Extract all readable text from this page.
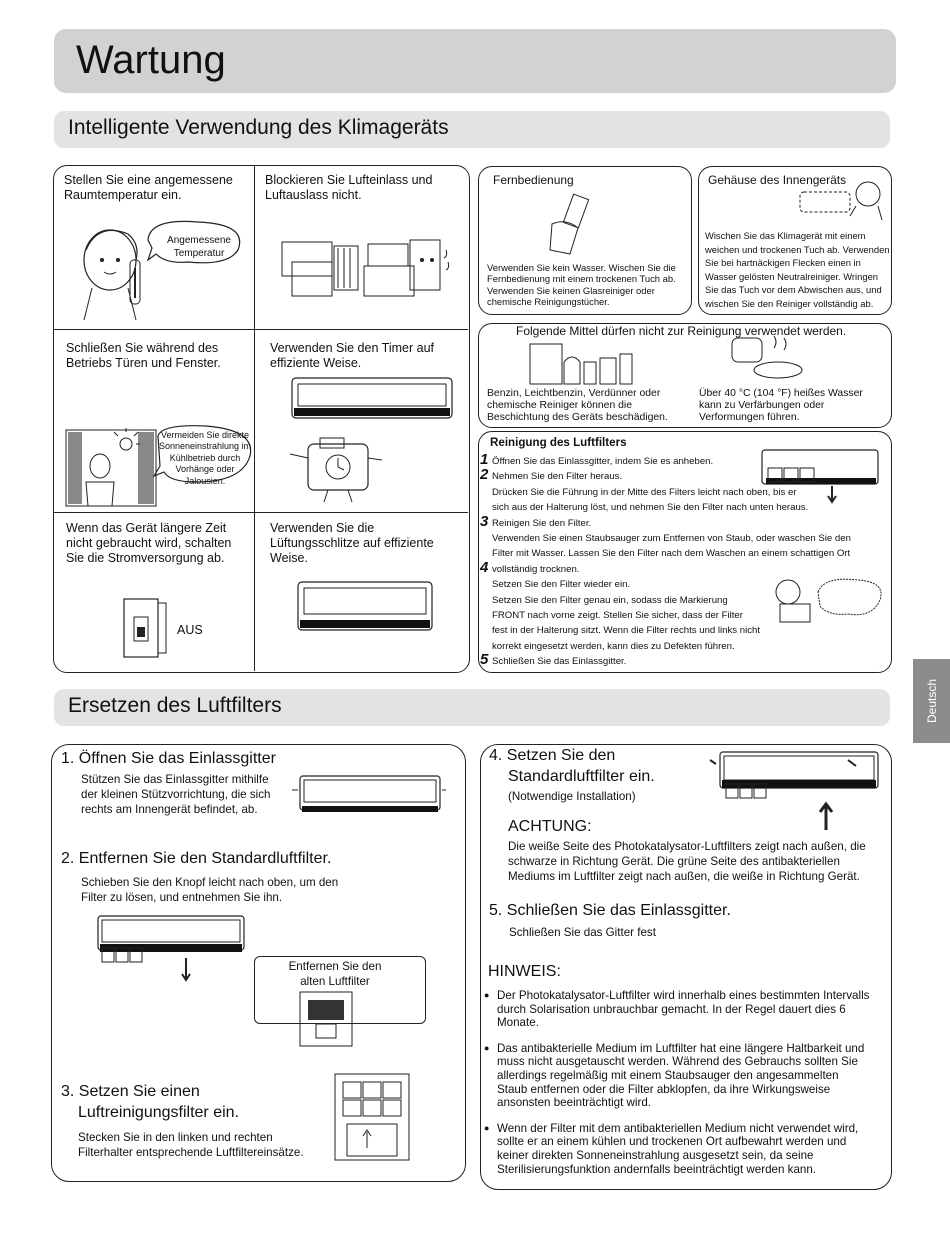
Wartung
Intelligente Verwendung des Klimageräts
Deutsch
Stellen Sie eine angemessene Raumtemperatur ein.
Blockieren Sie Lufteinlass und Luftauslass nicht.
Schließen Sie während des Betriebs Türen und Fenster.
Verwenden Sie den Timer auf effiziente Weise.
Wenn das Gerät längere Zeit nicht gebraucht wird, schalten Sie die Stromversorgung ab.
Verwenden Sie die Lüftungsschlitze auf effiziente Weise.
Angemessene Temperatur
Vermeiden Sie direkte Sonneneinstrahlung im Kühlbetrieb durch Vorhänge oder Jalousien.
AUS
Fernbedienung
Verwenden Sie kein Wasser. Wischen Sie die Fernbedienung mit einem trockenen Tuch ab. Verwenden Sie keinen Glasreiniger oder chemische Reinigungstücher.
Gehäuse des Innengeräts
Wischen Sie das Klimagerät mit einem weichen und trockenen Tuch ab. Verwenden Sie bei hartnäckigen Flecken einen in Wasser gelösten Neutralreiniger. Wringen Sie das Tuch vor dem Abwischen aus, und wischen Sie den Reiniger vollständig ab.
Folgende Mittel dürfen nicht zur Reinigung verwendet werden.
Benzin, Leichtbenzin, Verdünner oder chemische Reiniger können die Beschichtung des Geräts beschädigen.
Über 40 °C (104 °F) heißes Wasser kann zu Verfärbungen oder Verformungen führen.
Reinigung des Luftfilters
1 Öffnen Sie das Einlassgitter, indem Sie es anheben.
2 Nehmen Sie den Filter heraus.
Drücken Sie die Führung in der Mitte des Filters leicht nach oben, bis er
sich aus der Halterung löst, und nehmen Sie den Filter nach unten heraus.
3 Reinigen Sie den Filter.
Verwenden Sie einen Staubsauger zum Entfernen von Staub, oder waschen Sie den
Filter mit Wasser. Lassen Sie den Filter nach dem Waschen an einem schattigen Ort
4 vollständig trocknen.
Setzen Sie den Filter wieder ein.
Setzen Sie den Filter genau ein, sodass die Markierung
FRONT nach vorne zeigt. Stellen Sie sicher, dass der Filter
fest in der Halterung sitzt. Wenn die Filter rechts und links nicht
korrekt eingesetzt werden, kann dies zu Defekten führen.
5 Schließen Sie das Einlassgitter.
Ersetzen des Luftfilters
1. Öffnen Sie das Einlassgitter
Stützen Sie das Einlassgitter mithilfe der kleinen Stützvorrichtung, die sich rechts am Innengerät befindet, ab.
2. Entfernen Sie den Standardluftfilter.
Schieben Sie den Knopf leicht nach oben, um den Filter zu lösen, und entnehmen Sie ihn.
Entfernen Sie den alten Luftfilter
3. Setzen Sie einen
Luftreinigungsfilter ein.
Stecken Sie in den linken und rechten Filterhalter entsprechende Luftfiltereinsätze.
4. Setzen Sie den
Standardluftfilter ein.
(Notwendige Installation)
ACHTUNG:
Die weiße Seite des Photokatalysator-Luftfilters zeigt nach außen, die schwarze in Richtung Gerät. Die grüne Seite des antibakteriellen Mediums im Luftfilter zeigt nach außen, die weiße in Richtung Gerät.
5. Schließen Sie das Einlassgitter.
Schließen Sie das Gitter fest
HINWEIS:

● Der Photokatalysator-Luftfilter wird innerhalb eines bestimmten Intervalls durch Solarisation unbrauchbar gemacht. In der Regel dauert dies 6 Monate.

● Das antibakterielle Medium im Luftfilter hat eine längere Haltbarkeit und muss nicht ausgetauscht werden. Während des Gebrauchs sollten Sie allerdings regelmäßig mit einem Staubsauger den angesammelten Staub entfernen oder die Filter abklopfen, da ihre Wirkungsweise ansonsten beeinträchtigt wird.

● Wenn der Filter mit dem antibakteriellen Medium nicht verwendet wird, sollte er an einem kühlen und trockenen Ort aufbewahrt werden und keiner direkten Sonneneinstrahlung ausgesetzt sein, da seine Sterilisierungsfunktion andernfalls beeinträchtigt werden kann.
